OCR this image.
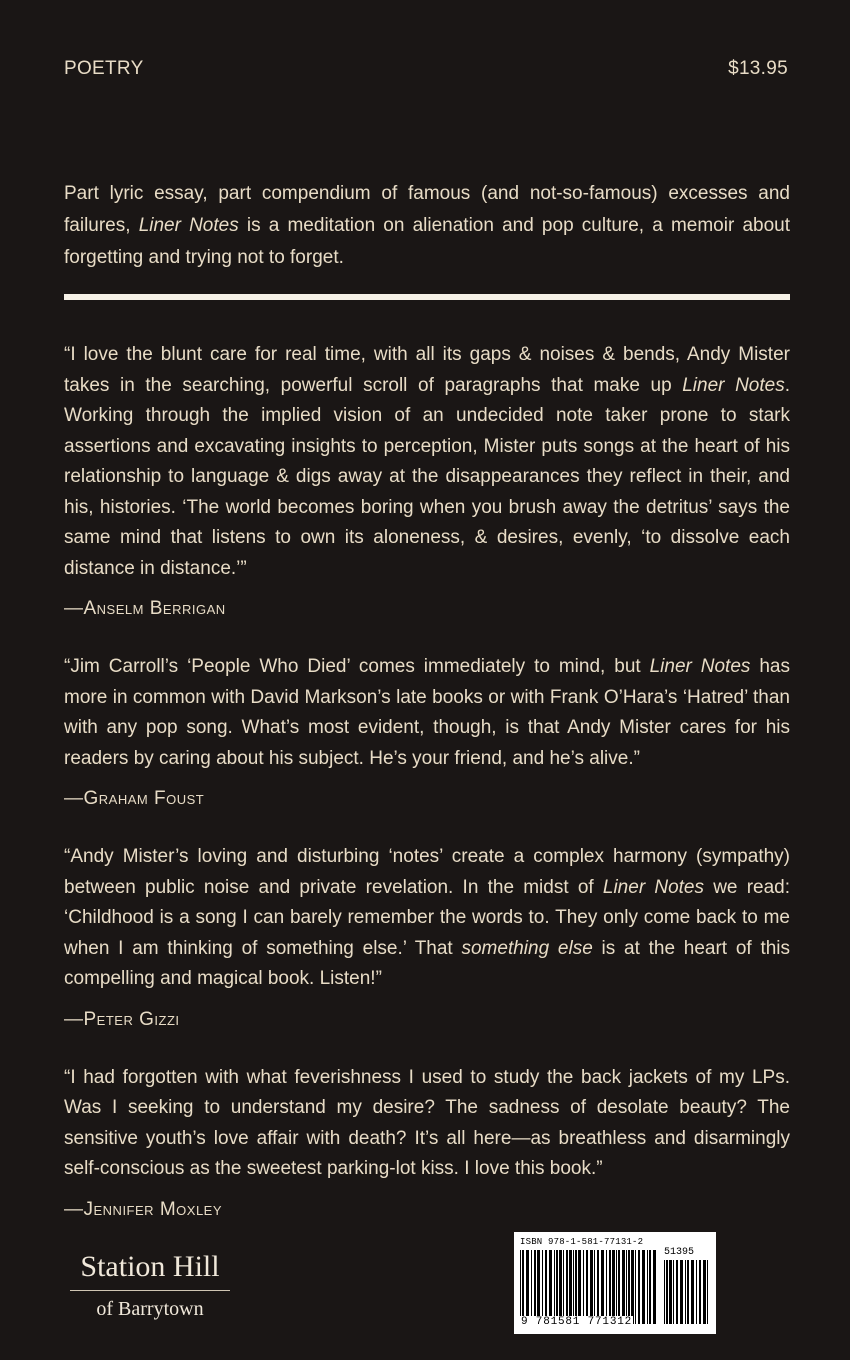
POETRY	$13.95
Part lyric essay, part compendium of famous (and not-so-famous) excesses and failures, Liner Notes is a meditation on alienation and pop culture, a memoir about forgetting and trying not to forget.

“I love the blunt care for real time, with all its gaps & noises & bends, Andy Mister takes in the searching, powerful scroll of paragraphs that make up Liner Notes. Working through the implied vision of an undecided note taker prone to stark assertions and excavating insights to perception, Mister puts songs at the heart of his relationship to language & digs away at the disappearances they reflect in their, and his, histories. ‘The world becomes boring when you brush away the detritus’ says the same mind that listens to own its aloneness, & desires, evenly, ‘to dissolve each distance in distance.’”

—Anselm Berrigan

“Jim Carroll’s ‘People Who Died’ comes immediately to mind, but Liner Notes has more in common with David Markson’s late books or with Frank O’Hara’s ‘Hatred’ than with any pop song. What’s most evident, though, is that Andy Mister cares for his readers by caring about his subject. He’s your friend, and he’s alive.”

—Graham Foust

“Andy Mister’s loving and disturbing ‘notes’ create a complex harmony (sympathy) between public noise and private revelation. In the midst of Liner Notes we read: ‘Childhood is a song I can barely remember the words to. They only come back to me when I am thinking of something else.’ That something else is at the heart of this compelling and magical book. Listen!”

—Peter Gizzi

“I had forgotten with what feverishness I used to study the back jackets of my LPs. Was I seeking to understand my desire? The sadness of desolate beauty? The sensitive youth’s love affair with death? It’s all here—as breathless and disarmingly self-conscious as the sweetest parking-lot kiss. I love this book.”

—Jennifer Moxley
Station Hill
of Barrytown
ISBN 978-1-581-77131-2
51395
9 781581 771312
